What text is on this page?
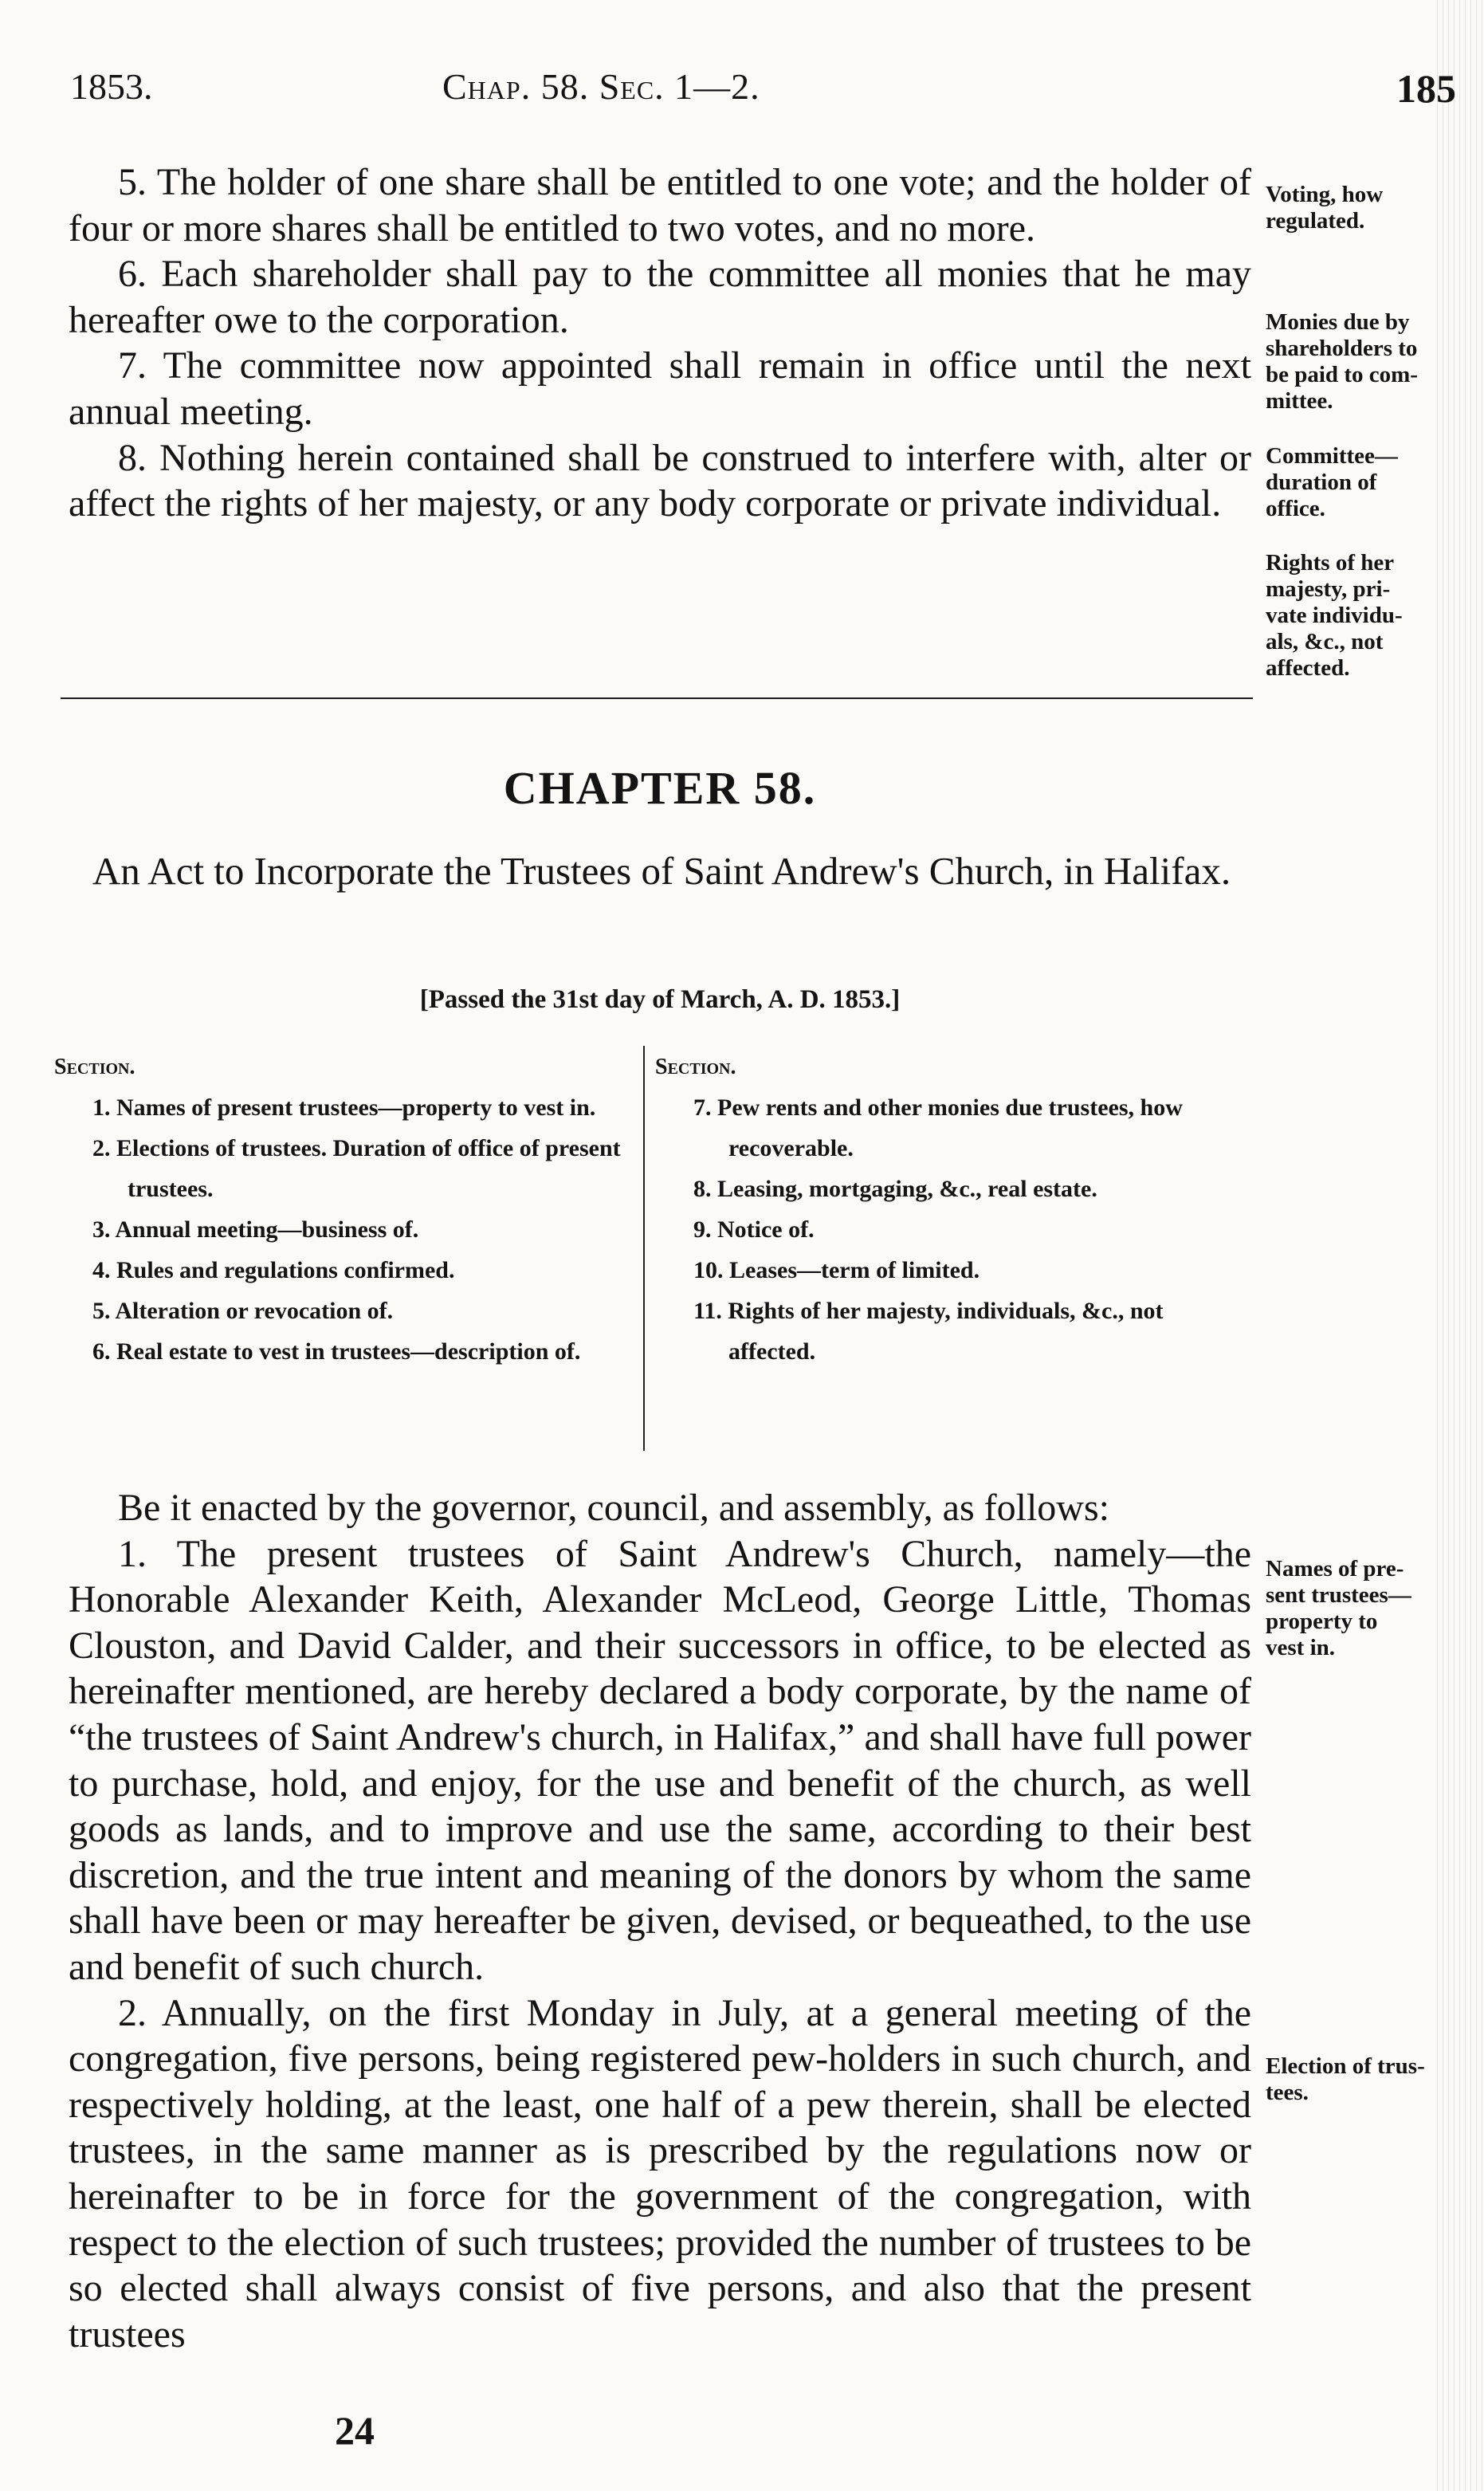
1853.	Chap. 58. Sec. 1—2.	185

5. The holder of one share shall be entitled to one vote; and the holder of four or more shares shall be entitled to two votes, and no more.

6. Each shareholder shall pay to the committee all monies that he may hereafter owe to the corporation.

7. The committee now appointed shall remain in office until the next annual meeting.

8. Nothing herein contained shall be construed to interfere with, alter or affect the rights of her majesty, or any body corporate or private individual.

Voting, how
regulated.
Monies due by
shareholders to
be paid to com-
mittee.
Committee—
duration of
office.
Rights of her
majesty, pri-
vate individu-
als, &c., not
affected.
CHAPTER 58.
An Act to Incorporate the Trustees of Saint Andrew's Church, in Halifax.
[Passed the 31st day of March, A. D. 1853.]
Section.
1. Names of present trustees—property to vest in.
2. Elections of trustees. Duration of office of present trustees.
3. Annual meeting—business of.
4. Rules and regulations confirmed.
5. Alteration or revocation of.
6. Real estate to vest in trustees—description of.
Section.
7. Pew rents and other monies due trustees, how recoverable.
8. Leasing, mortgaging, &c., real estate.
9. Notice of.
10. Leases—term of limited.
11. Rights of her majesty, individuals, &c., not affected.

Be it enacted by the governor, council, and assembly, as follows:

1. The present trustees of Saint Andrew's Church, namely—the Honorable Alexander Keith, Alexander McLeod, George Little, Thomas Clouston, and David Calder, and their successors in office, to be elected as hereinafter mentioned, are hereby declared a body corporate, by the name of “the trustees of Saint Andrew's church, in Halifax,” and shall have full power to purchase, hold, and enjoy, for the use and benefit of the church, as well goods as lands, and to improve and use the same, according to their best discretion, and the true intent and meaning of the donors by whom the same shall have been or may hereafter be given, devised, or bequeathed, to the use and benefit of such church.

2. Annually, on the first Monday in July, at a general meeting of the congregation, five persons, being registered pew-holders in such church, and respectively holding, at the least, one half of a pew therein, shall be elected trustees, in the same manner as is prescribed by the regulations now or hereinafter to be in force for the government of the congregation, with respect to the election of such trustees; provided the number of trustees to be so elected shall always consist of five persons, and also that the present trustees

Names of pre-
sent trustees—
property to
vest in.
Election of trus-
tees.
24
